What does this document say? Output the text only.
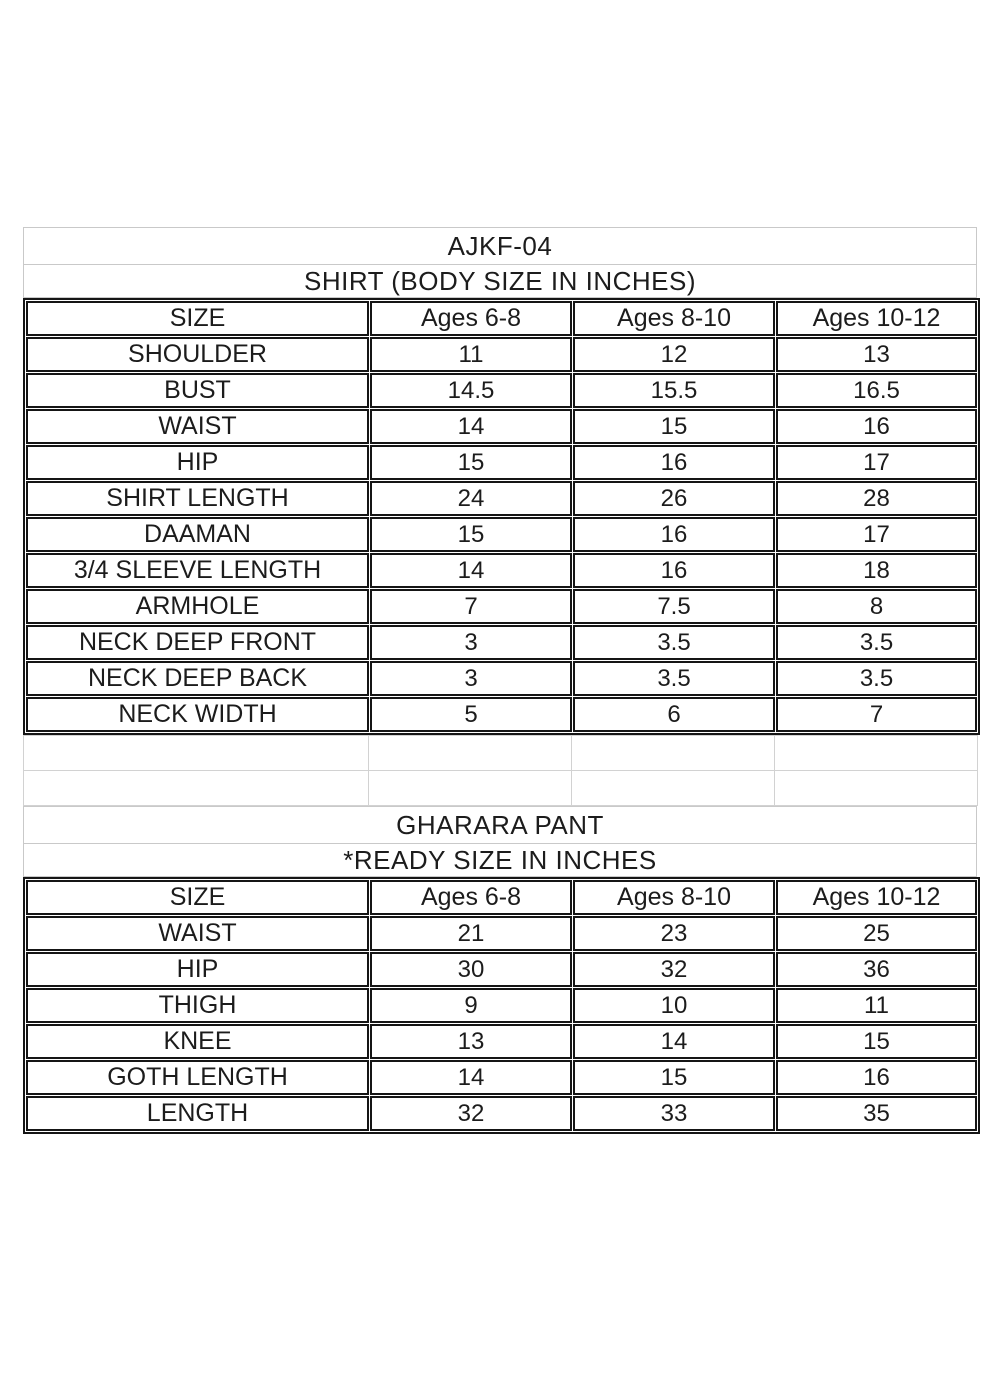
AJKF-04
SHIRT (BODY SIZE IN INCHES)
SIZE	Ages 6-8	Ages 8-10	Ages 10-12
SHOULDER	11	12	13
BUST	14.5	15.5	16.5
WAIST	14	15	16
HIP	15	16	17
SHIRT LENGTH	24	26	28
DAAMAN	15	16	17
3/4 SLEEVE LENGTH	14	16	18
ARMHOLE	7	7.5	8
NECK DEEP FRONT	3	3.5	3.5
NECK DEEP BACK	3	3.5	3.5
NECK WIDTH	5	6	7

GHARARA PANT
*READY SIZE IN INCHES
SIZE	Ages 6-8	Ages 8-10	Ages 10-12
WAIST	21	23	25
HIP	30	32	36
THIGH	9	10	11
KNEE	13	14	15
GOTH LENGTH	14	15	16
LENGTH	32	33	35
